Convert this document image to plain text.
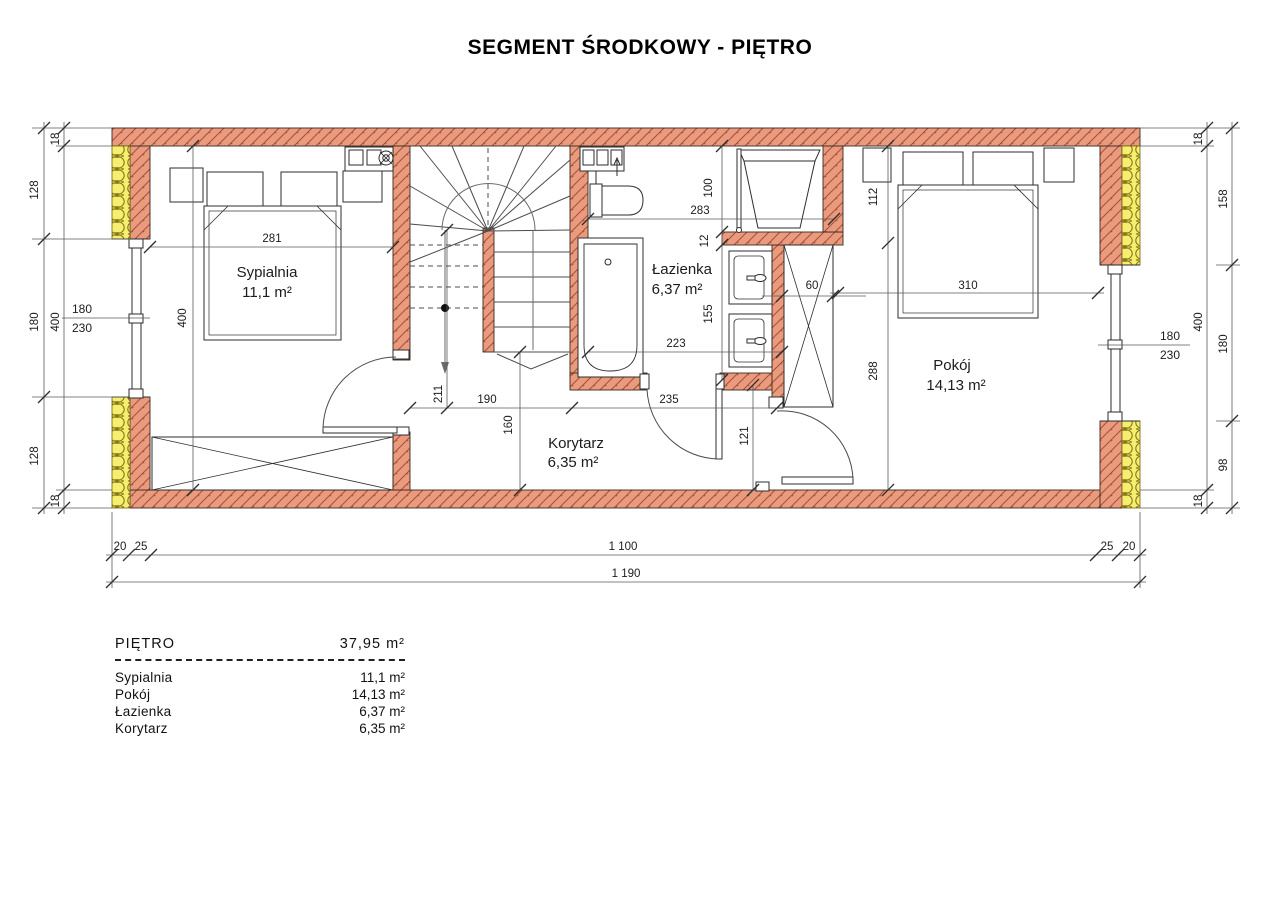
SEGMENT ŚRODKOWY - PIĘTRO
128
180
128
18
400
18
180
230
18
400
18
158
180
98
180
230
20 25	1 100	25 20
1 190
281
400
283
100
12
112
155
60
223
310
288
211	190
160
235
121
Sypialnia
11,1 m²
Łazienka
6,37 m²
Pokój
14,13 m²
Korytarz
6,35 m²
PIĘTRO	37,95 m²
Sypialnia	11,1 m²
Pokój	14,13 m²
Łazienka	6,37 m²
Korytarz	6,35 m²
